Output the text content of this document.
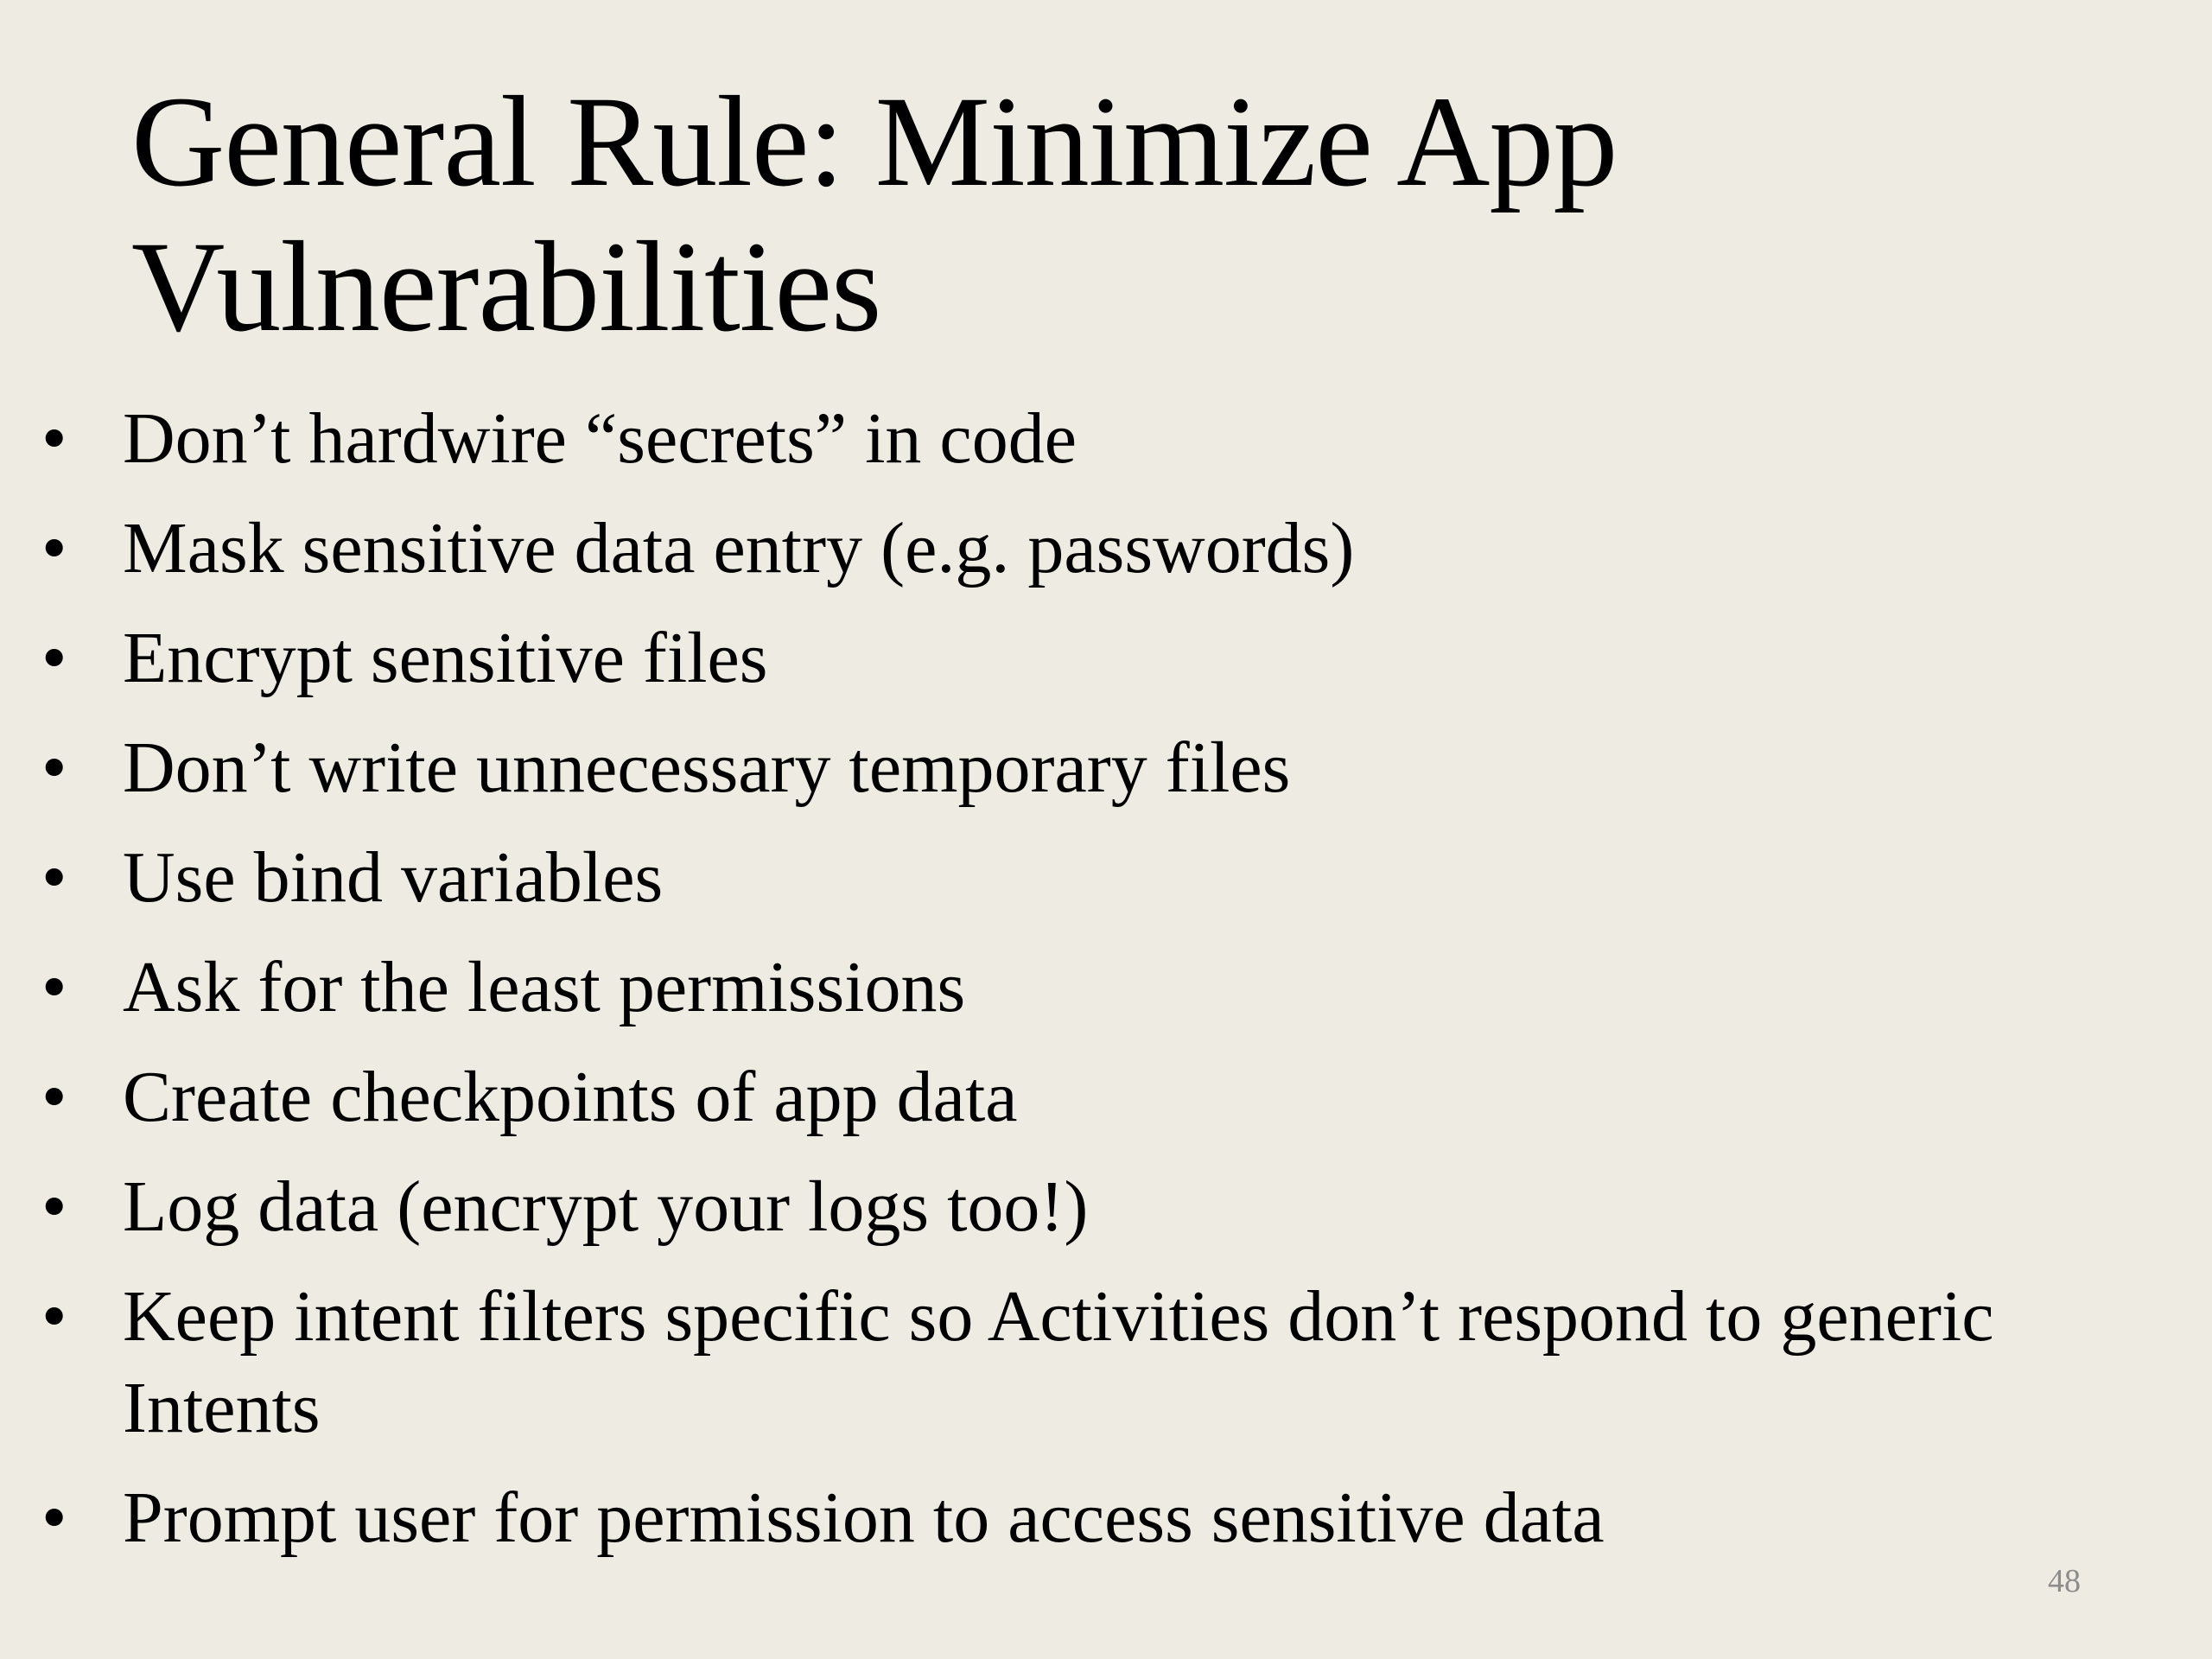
General Rule: Minimize App
Vulnerabilities
• Don’t hardwire “secrets” in code
• Mask sensitive data entry (e.g. passwords)
• Encrypt sensitive files
• Don’t write unnecessary temporary files
• Use bind variables
• Ask for the least permissions
• Create checkpoints of app data
• Log data (encrypt your logs too!)
• Keep intent filters specific so Activities don’t respond to generic Intents
• Prompt user for permission to access sensitive data
48
